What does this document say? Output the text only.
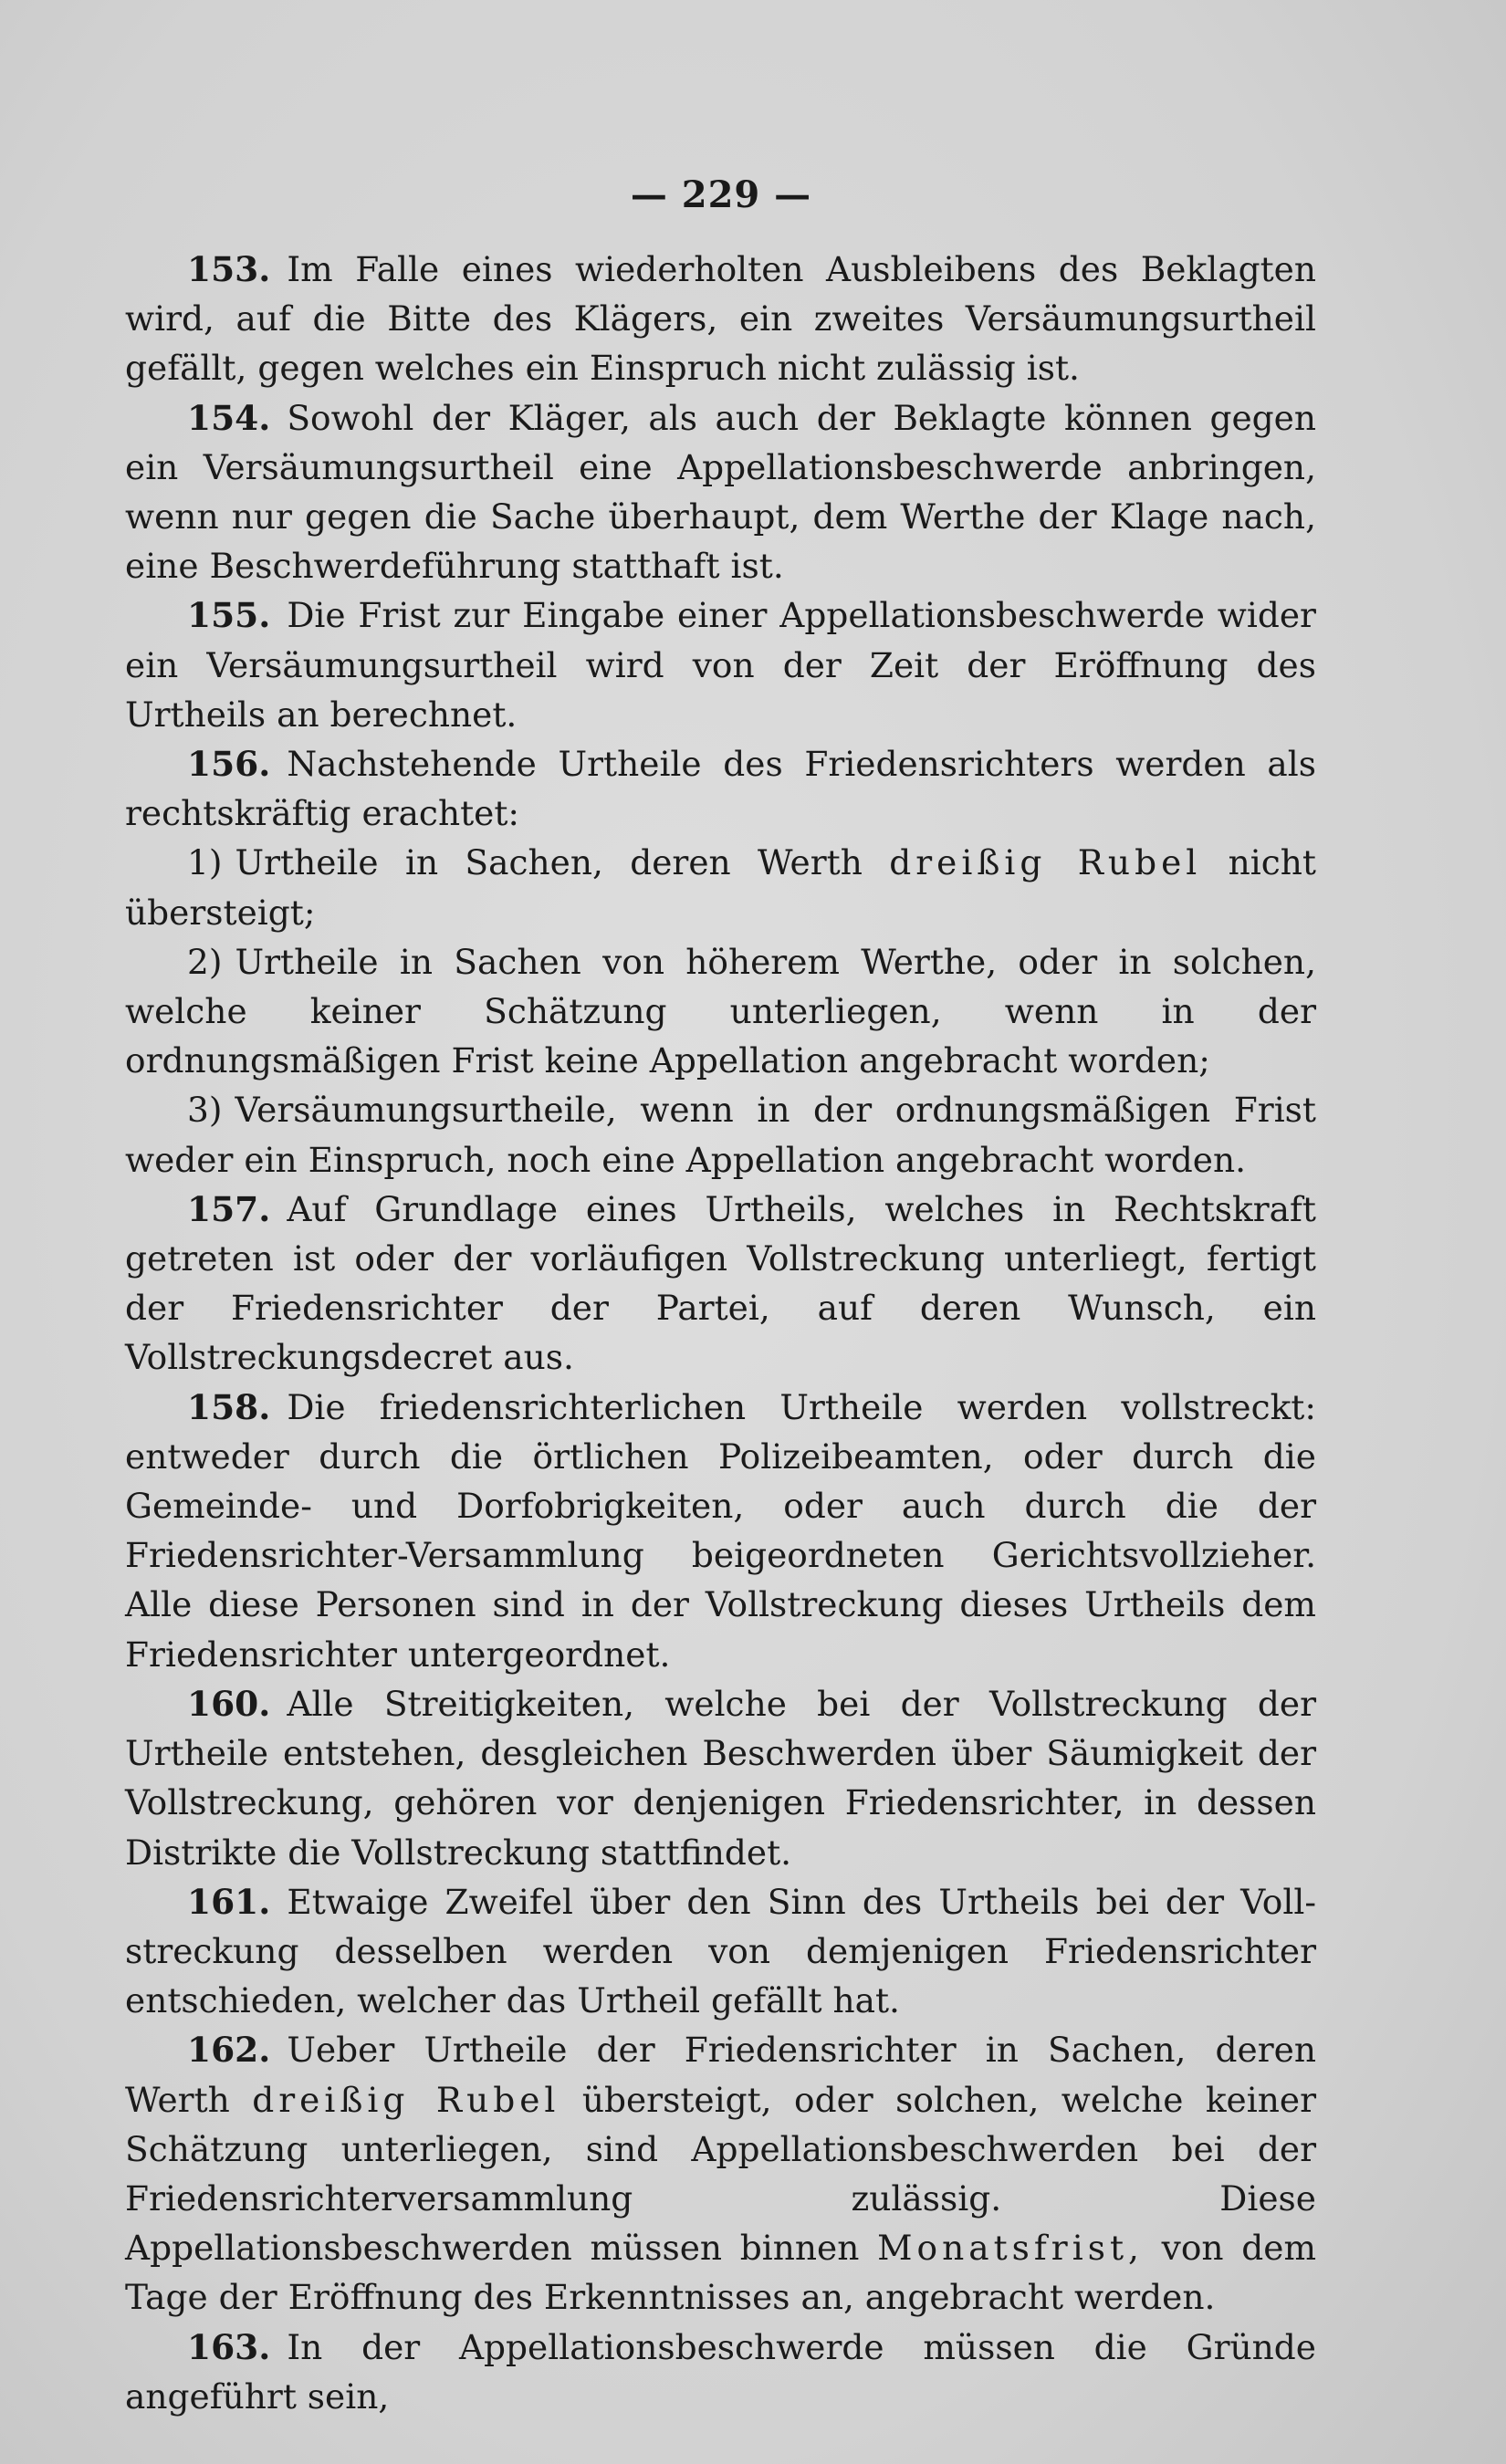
— 229 —

153. Im Falle eines wiederholten Ausbleibens des Beklagten wird, auf die Bitte des Klägers, ein zweites Versäumungsurtheil gefällt, gegen welches ein Einspruch nicht zulässig ist.

154. Sowohl der Kläger, als auch der Beklagte können gegen ein Versäumungsurtheil eine Appellationsbeschwerde anbringen, wenn nur gegen die Sache überhaupt, dem Werthe der Klage nach, eine Beschwerdeführung statthaft ist.

155. Die Frist zur Eingabe einer Appellationsbeschwerde wider ein Versäumungsurtheil wird von der Zeit der Eröffnung des Urtheils an berechnet.

156. Nachstehende Urtheile des Friedensrichters werden als rechtskräftig erachtet:

1) Urtheile in Sachen, deren Werth dreißig Rubel nicht übersteigt;

2) Urtheile in Sachen von höherem Werthe, oder in solchen, welche keiner Schätzung unterliegen, wenn in der ordnungsmäßigen Frist keine Appellation angebracht worden;

3) Versäumungsurtheile, wenn in der ordnungsmäßigen Frist weder ein Einspruch, noch eine Appellation angebracht worden.

157. Auf Grundlage eines Urtheils, welches in Rechtskraft getreten ist oder der vorläufigen Vollstreckung unterliegt, fertigt der Friedensrichter der Partei, auf deren Wunsch, ein Vollstreckungsdecret aus.

158. Die friedensrichterlichen Urtheile werden vollstreckt: entweder durch die örtlichen Polizeibeamten, oder durch die Gemeinde- und Dorfobrigkeiten, oder auch durch die der Friedensrichter-Versammlung beigeordneten Gerichtsvollzieher. Alle diese Personen sind in der Vollstreckung dieses Urtheils dem Friedensrichter untergeordnet.

160. Alle Streitigkeiten, welche bei der Vollstreckung der Urtheile entstehen, desgleichen Beschwerden über Säumigkeit der Vollstreckung, gehören vor denjenigen Friedensrichter, in dessen Distrikte die Vollstreckung stattfindet.

161. Etwaige Zweifel über den Sinn des Urtheils bei der Vollstreckung desselben werden von demjenigen Friedensrichter entschieden, welcher das Urtheil gefällt hat.

162. Ueber Urtheile der Friedensrichter in Sachen, deren Werth dreißig Rubel übersteigt, oder solchen, welche keiner Schätzung unterliegen, sind Appellationsbeschwerden bei der Friedensrichterversammlung zulässig. Diese Appellationsbeschwerden müssen binnen Monatsfrist, von dem Tage der Eröffnung des Erkenntnisses an, angebracht werden.

163. In der Appellationsbeschwerde müssen die Gründe angeführt sein,
